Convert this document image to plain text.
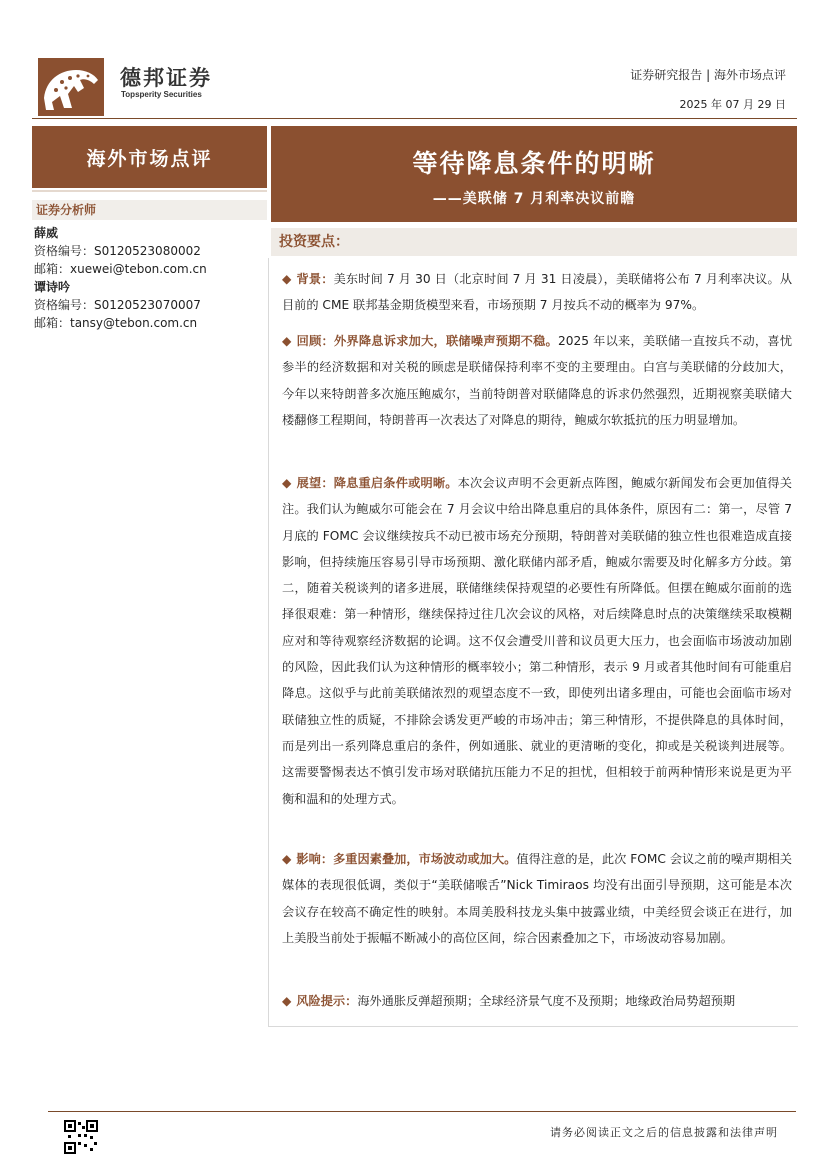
德邦证券
Topsperity Securities
证券研究报告 | 海外市场点评
2025 年 07 月 29 日
海外市场点评
证券分析师
薛威
资格编号：S0120523080002
邮箱：xuewei@tebon.com.cn
谭诗吟
资格编号：S0120523070007
邮箱：tansy@tebon.com.cn
等待降息条件的明晰
——美联储 7 月利率决议前瞻
投资要点：
◆ 背景：美东时间 7 月 30 日（北京时间 7 月 31 日凌晨），美联储将公布 7 月利率决议。从目前的 CME 联邦基金期货模型来看，市场预期 7 月按兵不动的概率为 97%。
◆ 回顾：外界降息诉求加大，联储噪声预期不稳。2025 年以来，美联储一直按兵不动，喜忧参半的经济数据和对关税的顾虑是联储保持利率不变的主要理由。白宫与美联储的分歧加大，今年以来特朗普多次施压鲍威尔，当前特朗普对联储降息的诉求仍然强烈，近期视察美联储大楼翻修工程期间，特朗普再一次表达了对降息的期待，鲍威尔软抵抗的压力明显增加。
◆ 展望：降息重启条件或明晰。本次会议声明不会更新点阵图，鲍威尔新闻发布会更加值得关注。我们认为鲍威尔可能会在 7 月会议中给出降息重启的具体条件，原因有二：第一，尽管 7 月底的 FOMC 会议继续按兵不动已被市场充分预期，特朗普对美联储的独立性也很难造成直接影响，但持续施压容易引导市场预期、激化联储内部矛盾，鲍威尔需要及时化解多方分歧。第二，随着关税谈判的诸多进展，联储继续保持观望的必要性有所降低。但摆在鲍威尔面前的选择很艰难：第一种情形，继续保持过往几次会议的风格，对后续降息时点的决策继续采取模糊应对和等待观察经济数据的论调。这不仅会遭受川普和议员更大压力，也会面临市场波动加剧的风险，因此我们认为这种情形的概率较小；第二种情形，表示 9 月或者其他时间有可能重启降息。这似乎与此前美联储浓烈的观望态度不一致，即使列出诸多理由，可能也会面临市场对联储独立性的质疑，不排除会诱发更严峻的市场冲击；第三种情形，不提供降息的具体时间，而是列出一系列降息重启的条件，例如通胀、就业的更清晰的变化，抑或是关税谈判进展等。这需要警惕表达不慎引发市场对联储抗压能力不足的担忧，但相较于前两种情形来说是更为平衡和温和的处理方式。
◆ 影响：多重因素叠加，市场波动或加大。值得注意的是，此次 FOMC 会议之前的噪声期相关媒体的表现很低调，类似于“美联储喉舌”Nick Timiraos 均没有出面引导预期，这可能是本次会议存在较高不确定性的映射。本周美股科技龙头集中披露业绩，中美经贸会谈正在进行，加上美股当前处于振幅不断减小的高位区间，综合因素叠加之下，市场波动容易加剧。
◆ 风险提示：海外通胀反弹超预期；全球经济景气度不及预期；地缘政治局势超预期
请务必阅读正文之后的信息披露和法律声明
